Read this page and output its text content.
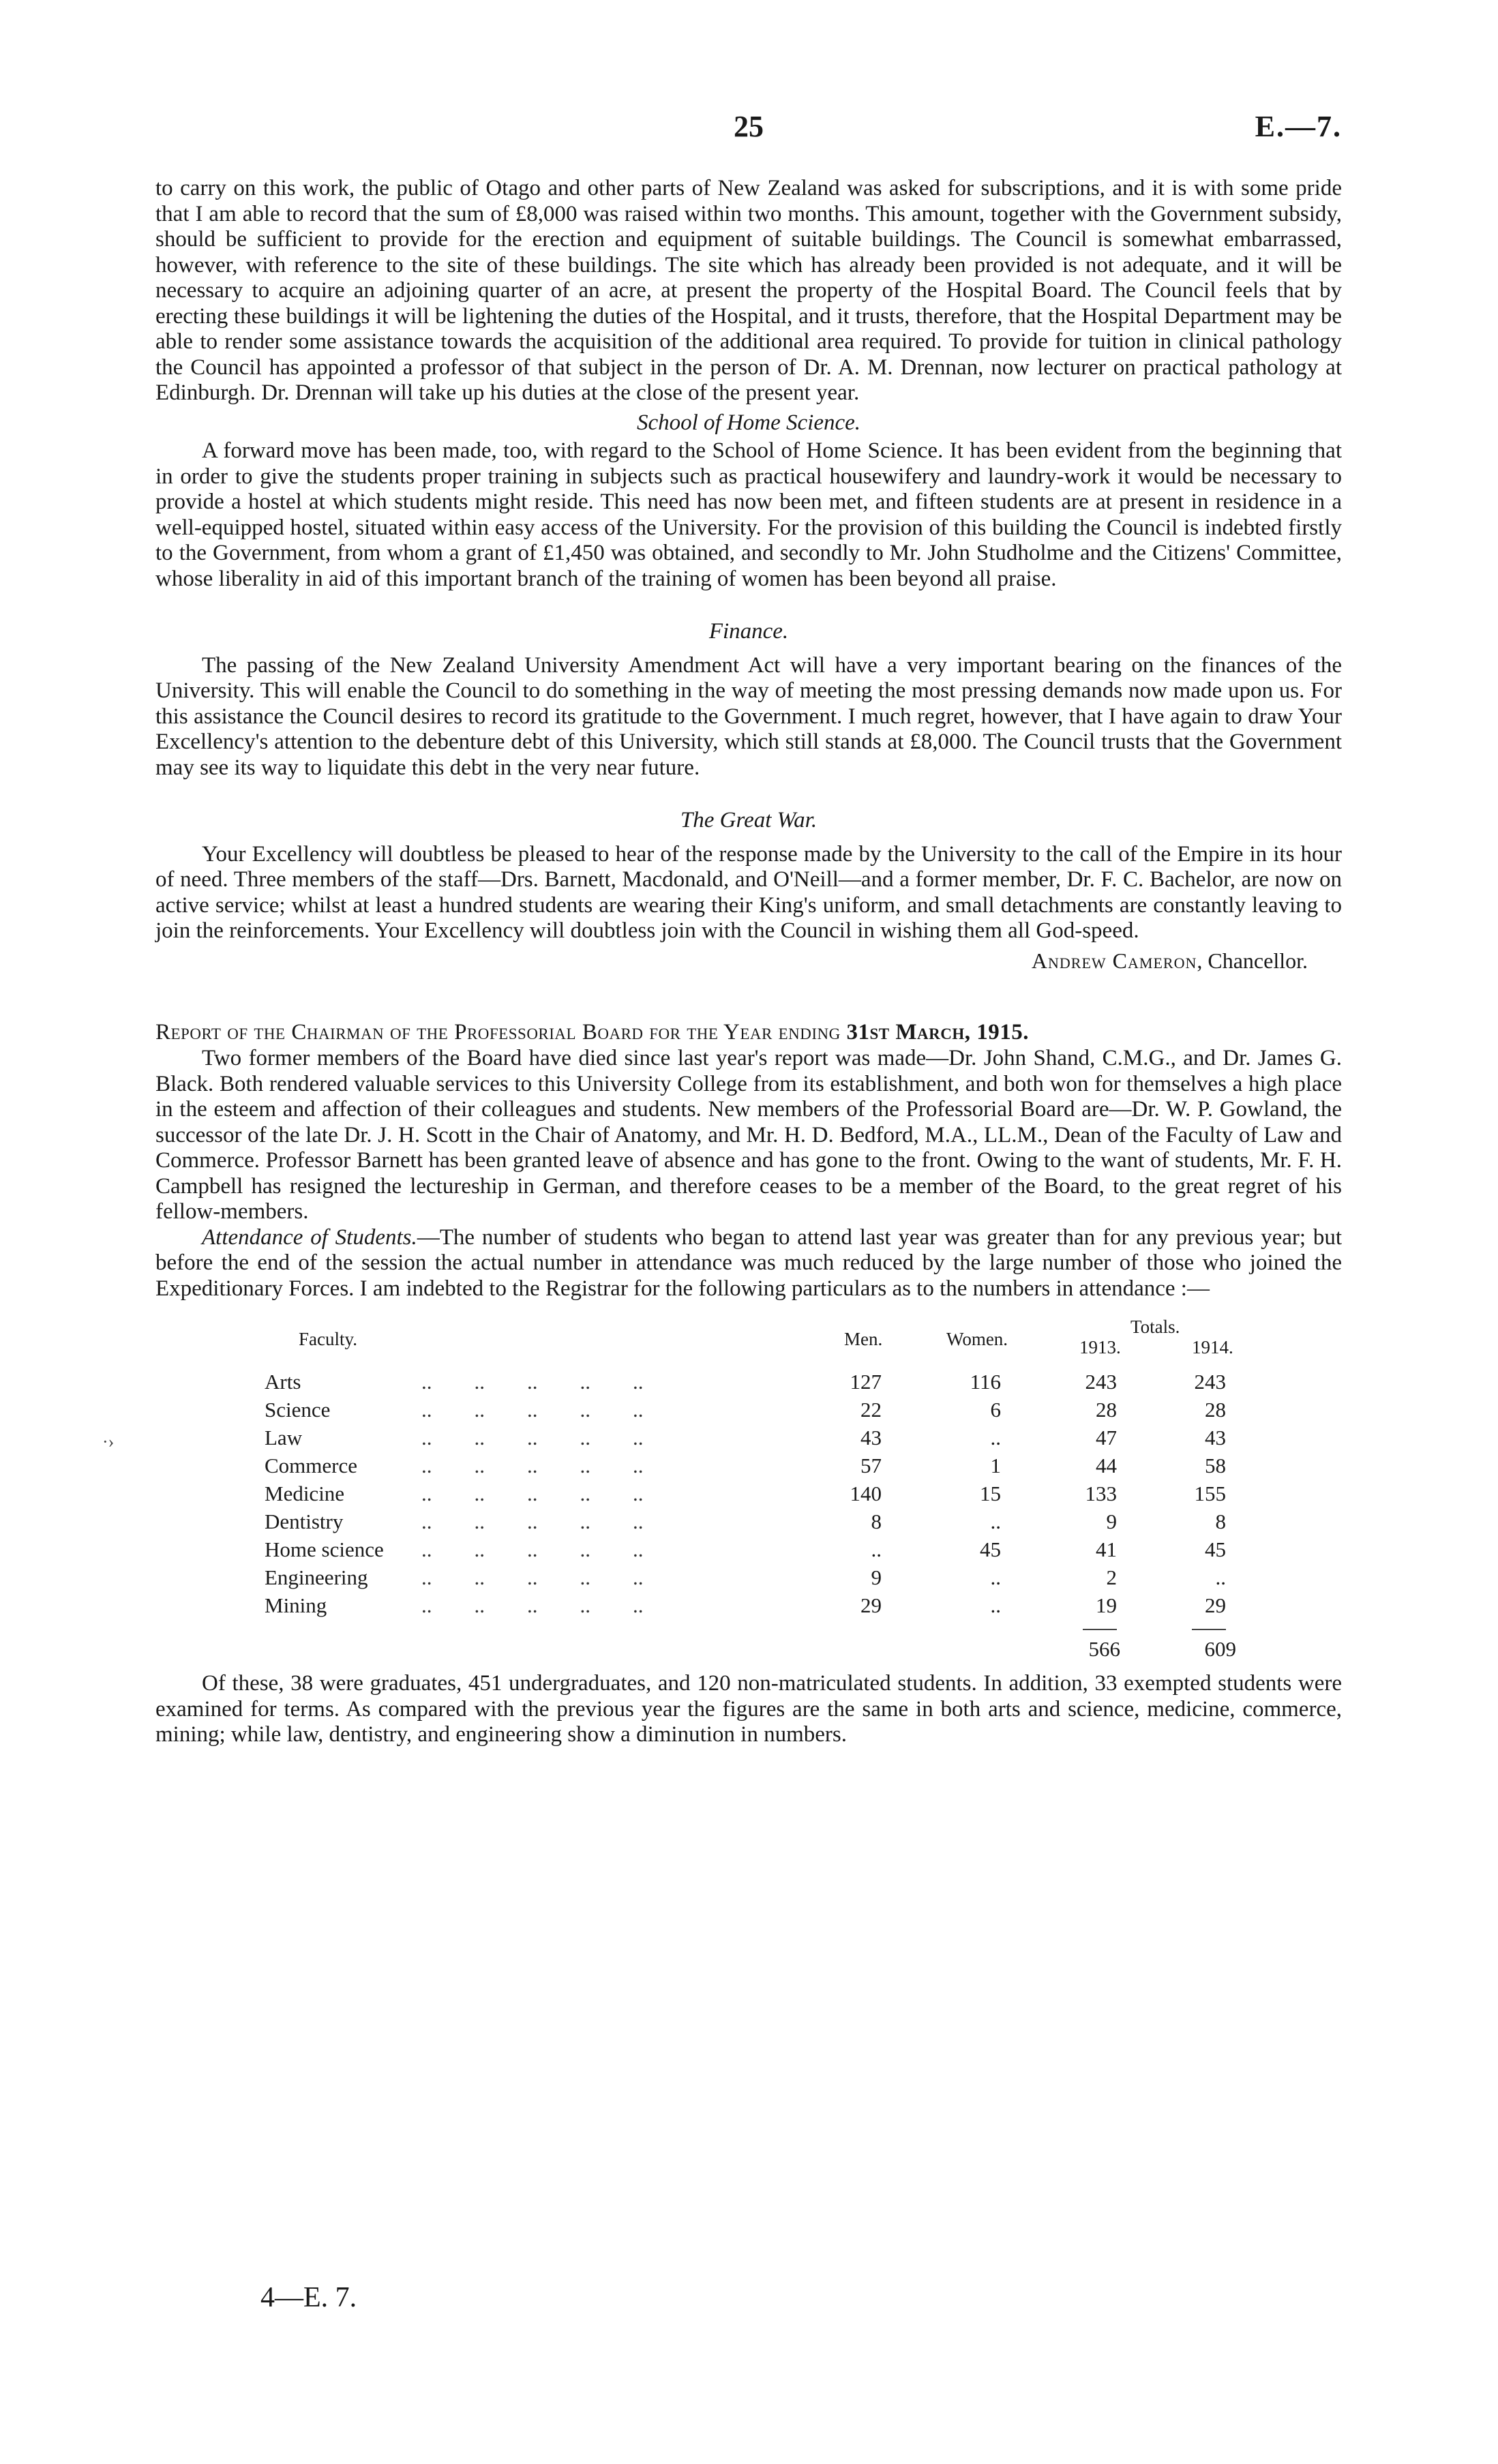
25	E.—7.

to carry on this work, the public of Otago and other parts of New Zealand was asked for subscriptions, and it is with some pride that I am able to record that the sum of £8,000 was raised within two months. This amount, together with the Government subsidy, should be sufficient to provide for the erection and equipment of suitable buildings. The Council is somewhat embarrassed, however, with reference to the site of these buildings. The site which has already been provided is not adequate, and it will be necessary to acquire an adjoining quarter of an acre, at present the property of the Hospital Board. The Council feels that by erecting these buildings it will be lightening the duties of the Hospital, and it trusts, therefore, that the Hospital Department may be able to render some assistance towards the acquisition of the additional area required. To provide for tuition in clinical pathology the Council has appointed a professor of that subject in the person of Dr. A. M. Drennan, now lecturer on practical pathology at Edinburgh. Dr. Drennan will take up his duties at the close of the present year.

School of Home Science.

A forward move has been made, too, with regard to the School of Home Science. It has been evident from the beginning that in order to give the students proper training in subjects such as practical housewifery and laundry-work it would be necessary to provide a hostel at which students might reside. This need has now been met, and fifteen students are at present in residence in a well-equipped hostel, situated within easy access of the University. For the provision of this building the Council is indebted firstly to the Government, from whom a grant of £1,450 was obtained, and secondly to Mr. John Studholme and the Citizens' Committee, whose liberality in aid of this important branch of the training of women has been beyond all praise.

Finance.

The passing of the New Zealand University Amendment Act will have a very important bearing on the finances of the University. This will enable the Council to do something in the way of meeting the most pressing demands now made upon us. For this assistance the Council desires to record its gratitude to the Government. I much regret, however, that I have again to draw Your Excellency's attention to the debenture debt of this University, which still stands at £8,000. The Council trusts that the Government may see its way to liquidate this debt in the very near future.

The Great War.

Your Excellency will doubtless be pleased to hear of the response made by the University to the call of the Empire in its hour of need. Three members of the staff—Drs. Barnett, Macdonald, and O'Neill—and a former member, Dr. F. C. Bachelor, are now on active service; whilst at least a hundred students are wearing their King's uniform, and small detachments are constantly leaving to join the reinforcements. Your Excellency will doubtless join with the Council in wishing them all God-speed.

Andrew Cameron, Chancellor.
Report of the Chairman of the Professorial Board for the Year ending 31st March, 1915.

Two former members of the Board have died since last year's report was made—Dr. John Shand, C.M.G., and Dr. James G. Black. Both rendered valuable services to this University College from its establishment, and both won for themselves a high place in the esteem and affection of their colleagues and students. New members of the Professorial Board are—Dr. W. P. Gowland, the successor of the late Dr. J. H. Scott in the Chair of Anatomy, and Mr. H. D. Bedford, M.A., LL.M., Dean of the Faculty of Law and Commerce. Professor Barnett has been granted leave of absence and has gone to the front. Owing to the want of students, Mr. F. H. Campbell has resigned the lectureship in German, and therefore ceases to be a member of the Board, to the great regret of his fellow-members.

Attendance of Students.—The number of students who began to attend last year was greater than for any previous year; but before the end of the session the actual number in attendance was much reduced by the large number of those who joined the Expeditionary Forces. I am indebted to the Registrar for the following particulars as to the numbers in attendance :—

Faculty.	Men.	Women.
Totals.
1913.	1914.
..        ..        ..        ..        ..
Arts	127	116	243	243
..        ..        ..        ..        ..
Science	22	6	28	28
..        ..        ..        ..        ..
Law	43	..	47	43
..        ..        ..        ..        ..
Commerce	57	1	44	58
..        ..        ..        ..        ..
Medicine	140	15	133	155
..        ..        ..        ..        ..
Dentistry	8	..	9	8
..        ..        ..        ..        ..
Home science	..	45	41	45
..        ..        ..        ..        ..
Engineering	9	..	2	..
..        ..        ..        ..        ..
Mining	29	..	19	29
566	609

Of these, 38 were graduates, 451 undergraduates, and 120 non-matriculated students. In addition, 33 exempted students were examined for terms. As compared with the previous year the figures are the same in both arts and science, medicine, commerce, mining; while law, dentistry, and engineering show a diminution in numbers.

4—E. 7.
·›
